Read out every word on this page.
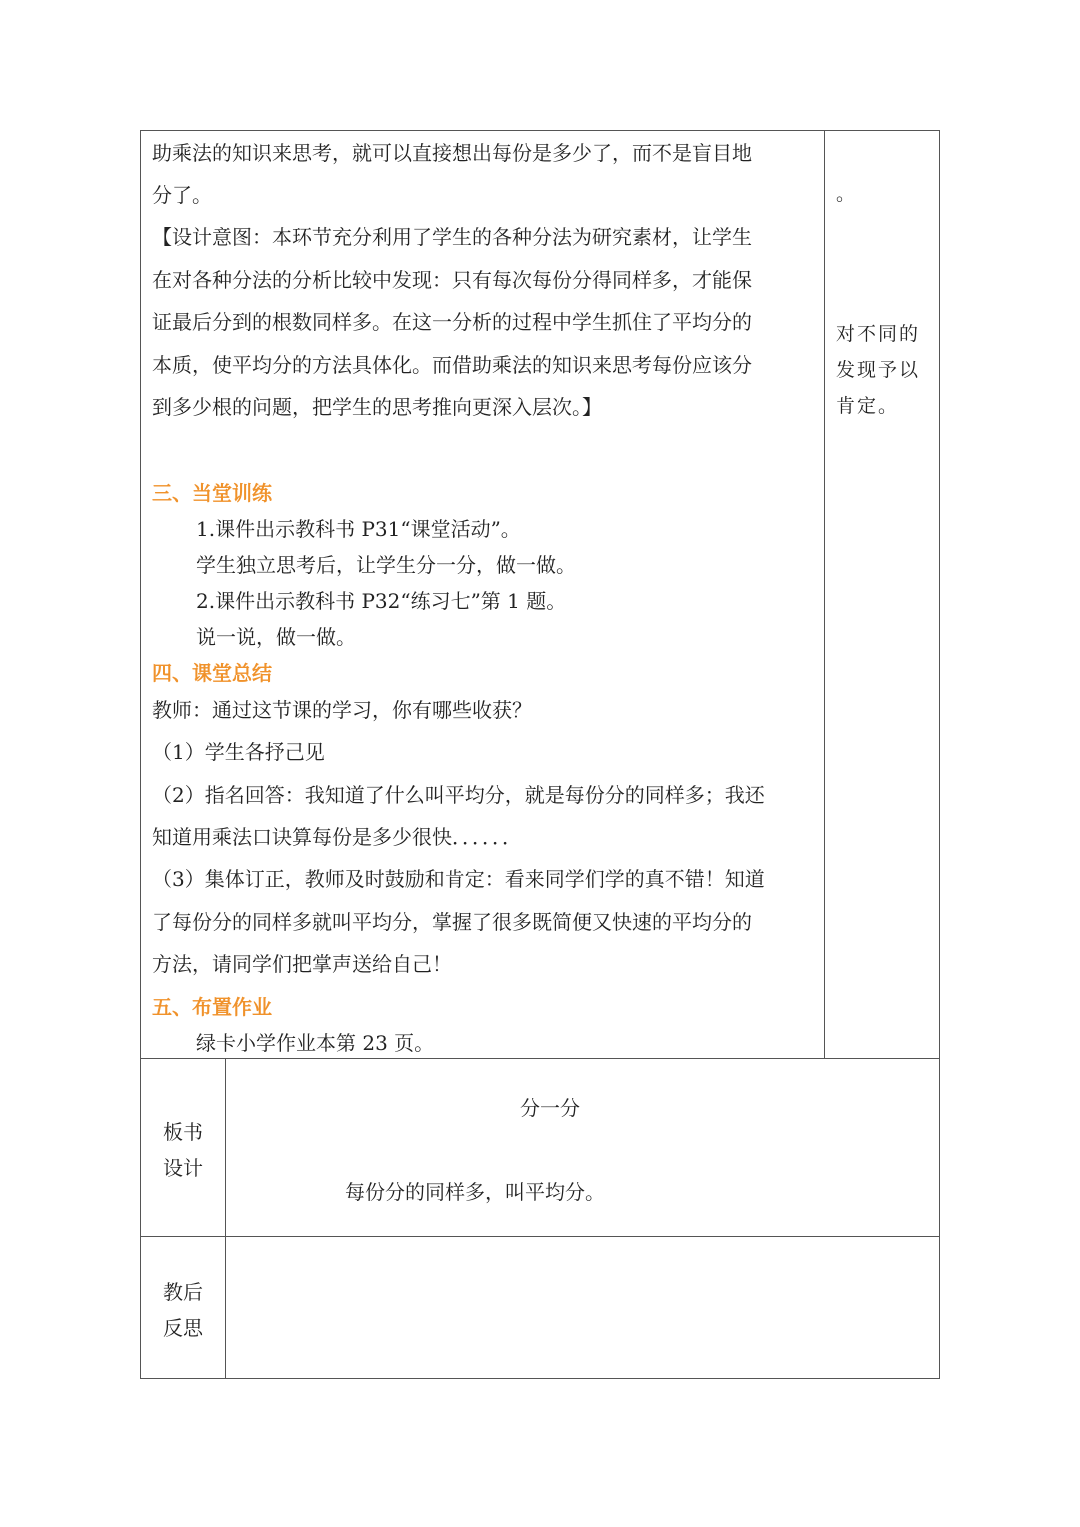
助乘法的知识来思考，就可以直接想出每份是多少了，而不是盲目地
分了。
【设计意图：本环节充分利用了学生的各种分法为研究素材，让学生
在对各种分法的分析比较中发现：只有每次每份分得同样多，才能保
证最后分到的根数同样多。在这一分析的过程中学生抓住了平均分的
本质，使平均分的方法具体化。而借助乘法的知识来思考每份应该分
到多少根的问题，把学生的思考推向更深入层次。】
三、当堂训练
1.课件出示教科书 P31“课堂活动”。
学生独立思考后，让学生分一分，做一做。
2.课件出示教科书 P32“练习七”第 1 题。
说一说，做一做。
四、课堂总结
教师：通过这节课的学习，你有哪些收获？
（1）学生各抒己见
（2）指名回答：我知道了什么叫平均分，就是每份分的同样多；我还
知道用乘法口诀算每份是多少很快．．．．．．
（3）集体订正，教师及时鼓励和肯定：看来同学们学的真不错！知道
了每份分的同样多就叫平均分，掌握了很多既简便又快速的平均分的
方法，请同学们把掌声送给自己！
五、布置作业
绿卡小学作业本第 23 页。
。
对不同的
发现予以
肯定。
板书
设计
分一分
每份分的同样多，叫平均分。
教后
反思
